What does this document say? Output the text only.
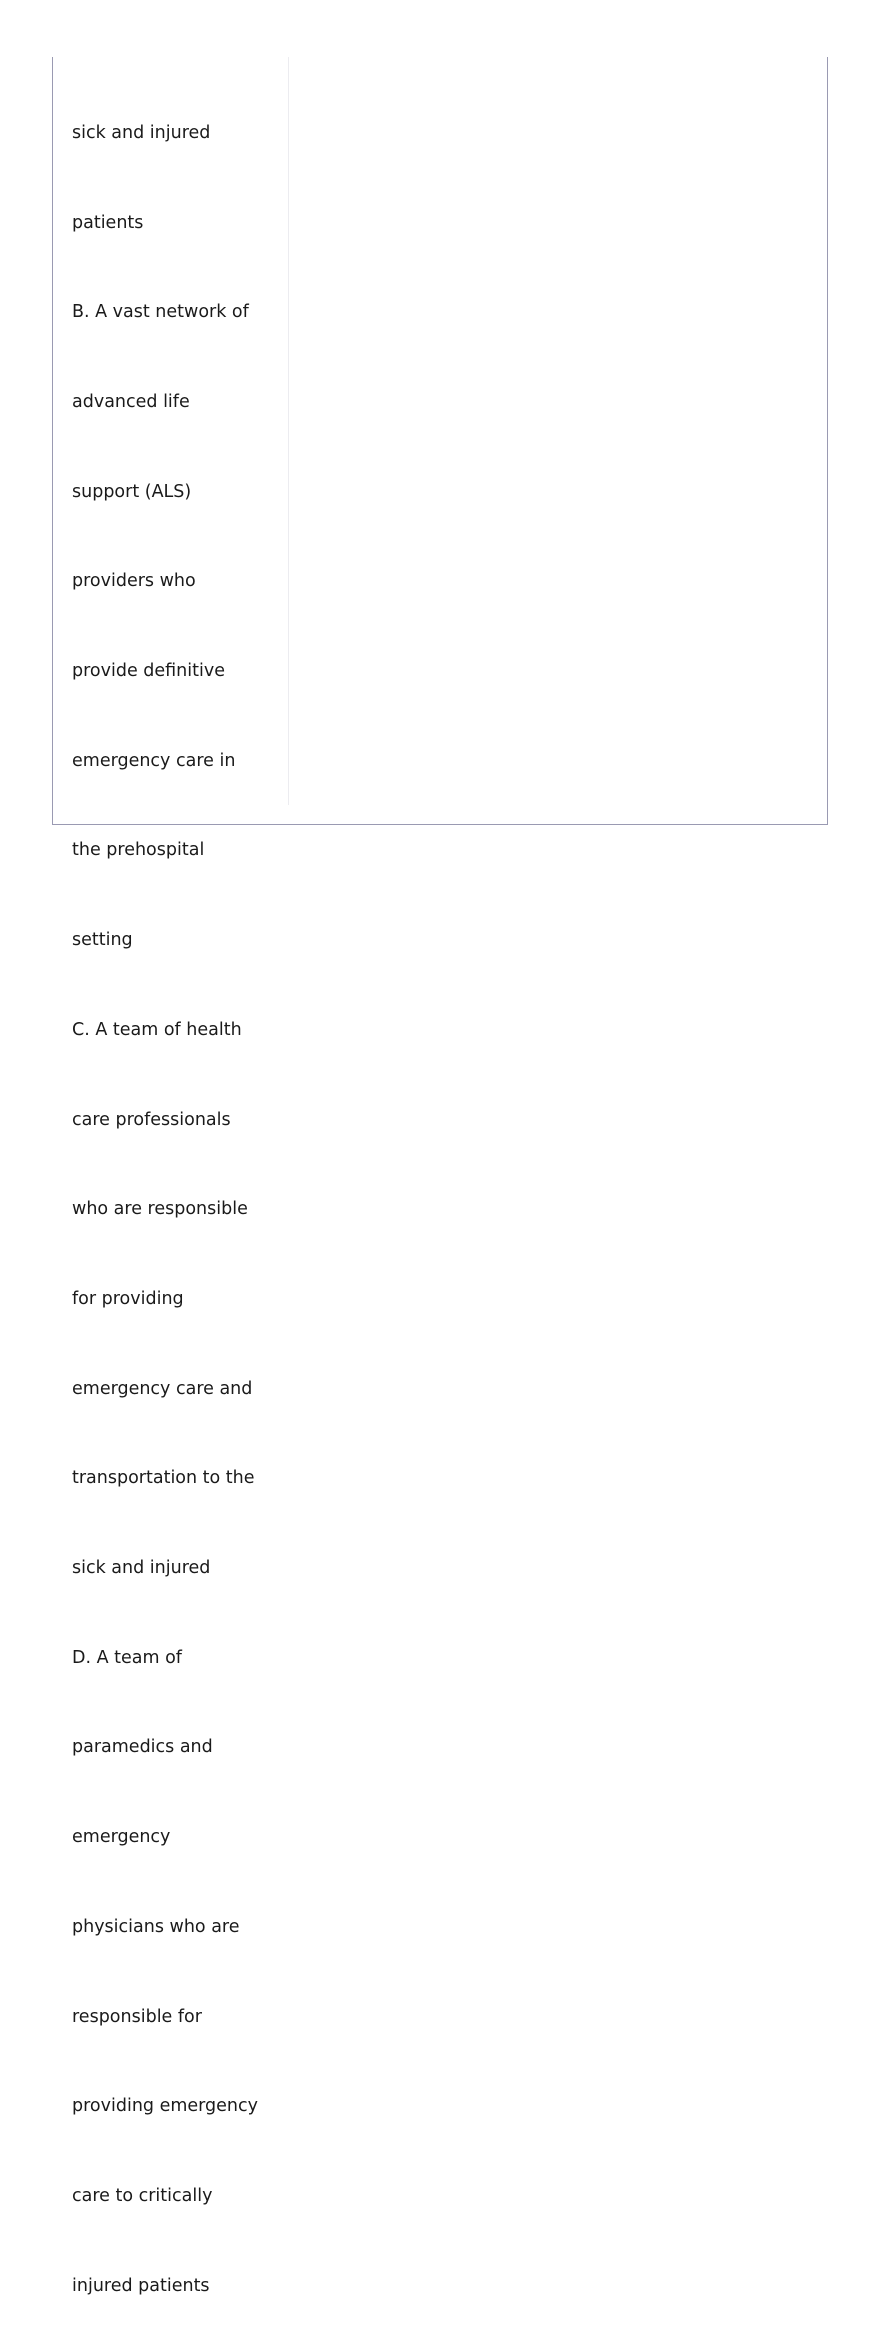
sick and injured

patients

B. A vast network of

advanced life

support (ALS)

providers who

provide definitive

emergency care in

the prehospital

setting

C. A team of health

care professionals

who are responsible

for providing

emergency care and

transportation to the

sick and injured

D. A team of

paramedics and

emergency

physicians who are

responsible for

providing emergency

care to critically

injured patients
